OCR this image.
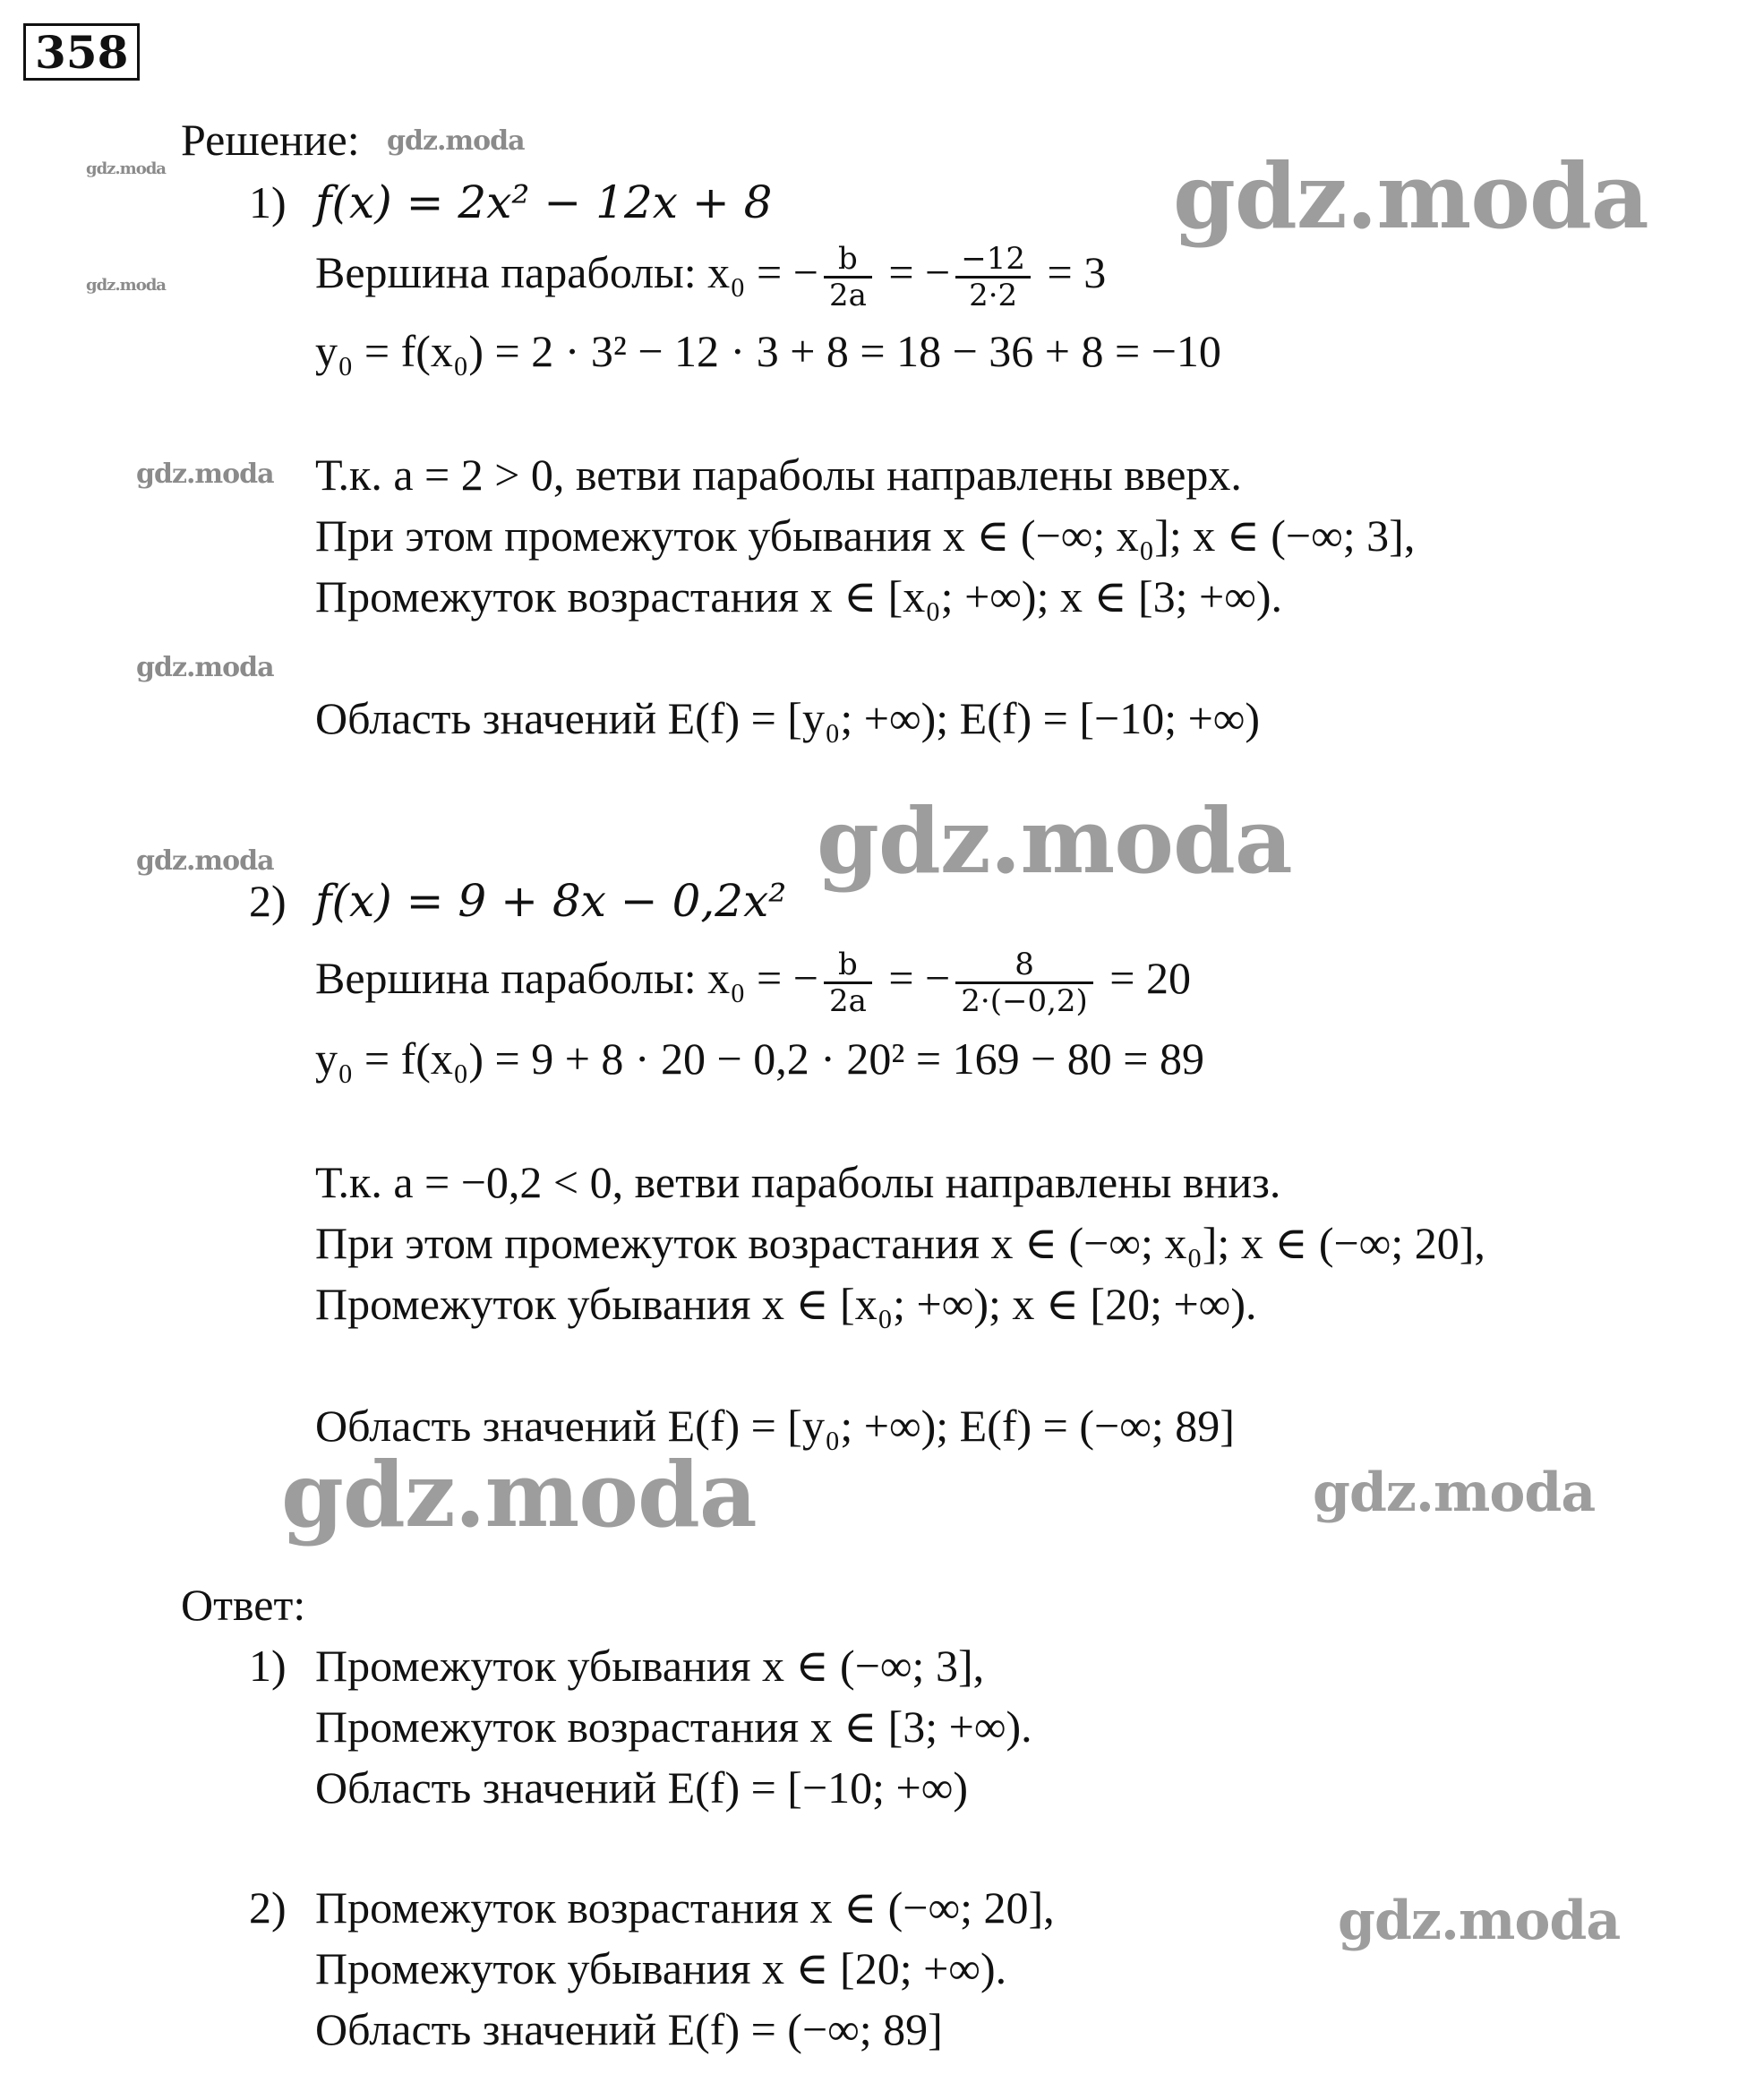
358
gdz.moda
gdz.moda	gdz.moda
gdz.moda
gdz.moda
gdz.moda
gdz.moda	gdz.moda
gdz.moda	gdz.moda
gdz.moda
Решение:
1) f(x) = 2x² − 12x + 8
Вершина параболы: x₀ = − $\frac{b}{2a}$ = − $\frac{-12}{2\cdot 2} = 3$
y₀ = f(x₀) = 2 · 3² − 12 · 3 + 8 = 18 − 36 + 8 = −10
Т.к. a = 2 > 0, ветви параболы направлены вверх.
При этом промежуток убывания x ∈ (−∞; x₀]; x ∈ (−∞; 3],
Промежуток возрастания x ∈ [x₀; +∞); x ∈ [3; +∞).
Область значений E(f) = [y₀; +∞); E(f) = [−10; +∞)
2) f(x) = 9 + 8x − 0,2x²
Вершина параболы: x₀ = − $\frac{b}{2a}$ = − $\frac{8}{2\cdot(-0,2)} = 20$
y₀ = f(x₀) = 9 + 8 · 20 − 0,2 · 20² = 169 − 80 = 89
Т.к. a = −0,2 < 0, ветви параболы направлены вниз.
При этом промежуток возрастания x ∈ (−∞; x₀]; x ∈ (−∞; 20],
Промежуток убывания x ∈ [x₀; +∞); x ∈ [20; +∞).
Область значений E(f) = [y₀; +∞); E(f) = (−∞; 89]
Ответ:
1) Промежуток убывания x ∈ (−∞; 3],
Промежуток возрастания x ∈ [3; +∞).
Область значений E(f) = [−10; +∞)
2) Промежуток возрастания x ∈ (−∞; 20],
Промежуток убывания x ∈ [20; +∞).
Область значений E(f) = (−∞; 89]
